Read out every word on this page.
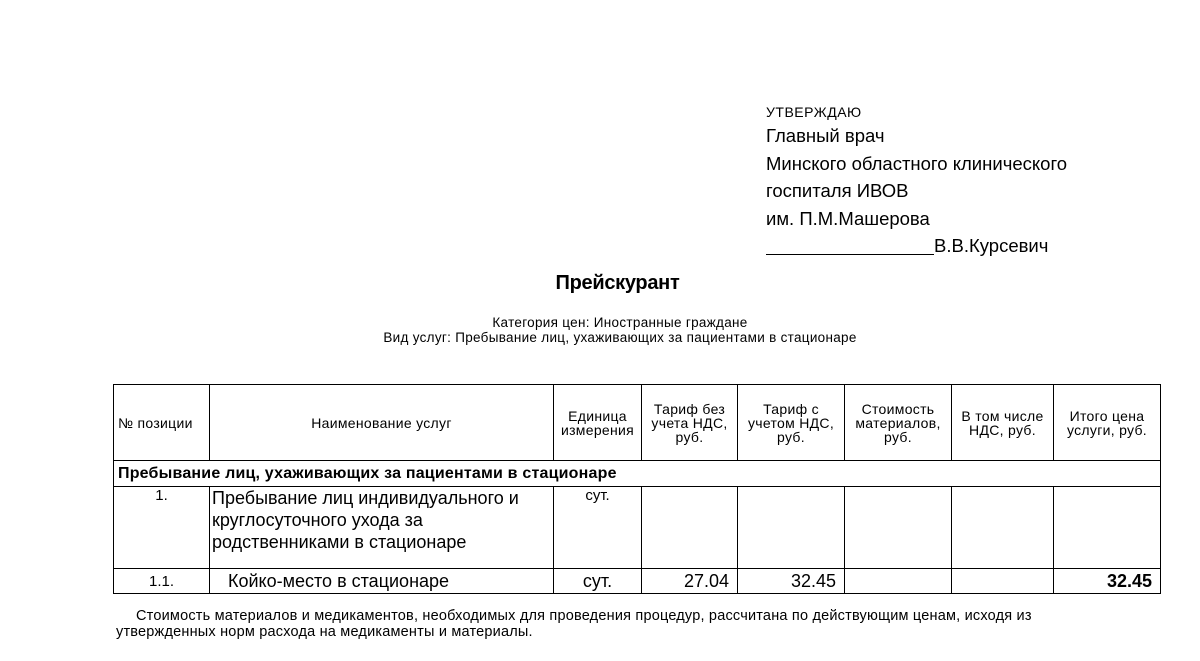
УТВЕРЖДАЮ
Главный врач
Минского областного клинического
госпиталя ИВОВ
им. П.М.Машерова
В.В.Курсевич
Прейскурант
Категория цен: Иностранные граждане
Вид услуг: Пребывание лиц, ухаживающих за пациентами в стационаре
№ позиции	Наименование услуг	Единица измерения	Тариф без учета НДС, руб.	Тариф с учетом НДС, руб.	Стоимость материалов, руб.	В том числе НДС, руб.	Итого цена услуги, руб.
Пребывание лиц, ухаживающих за пациентами в стационаре							
1.	Пребывание лиц индивидуального и круглосуточного ухода за родственниками в стационаре	сут.					
1.1.	Койко-место в стационаре	сут.	27.04	32.45			32.45
Стоимость материалов и медикаментов, необходимых для проведения процедур, рассчитана по действующим ценам, исходя из утвержденных норм расхода на медикаменты и материалы.
